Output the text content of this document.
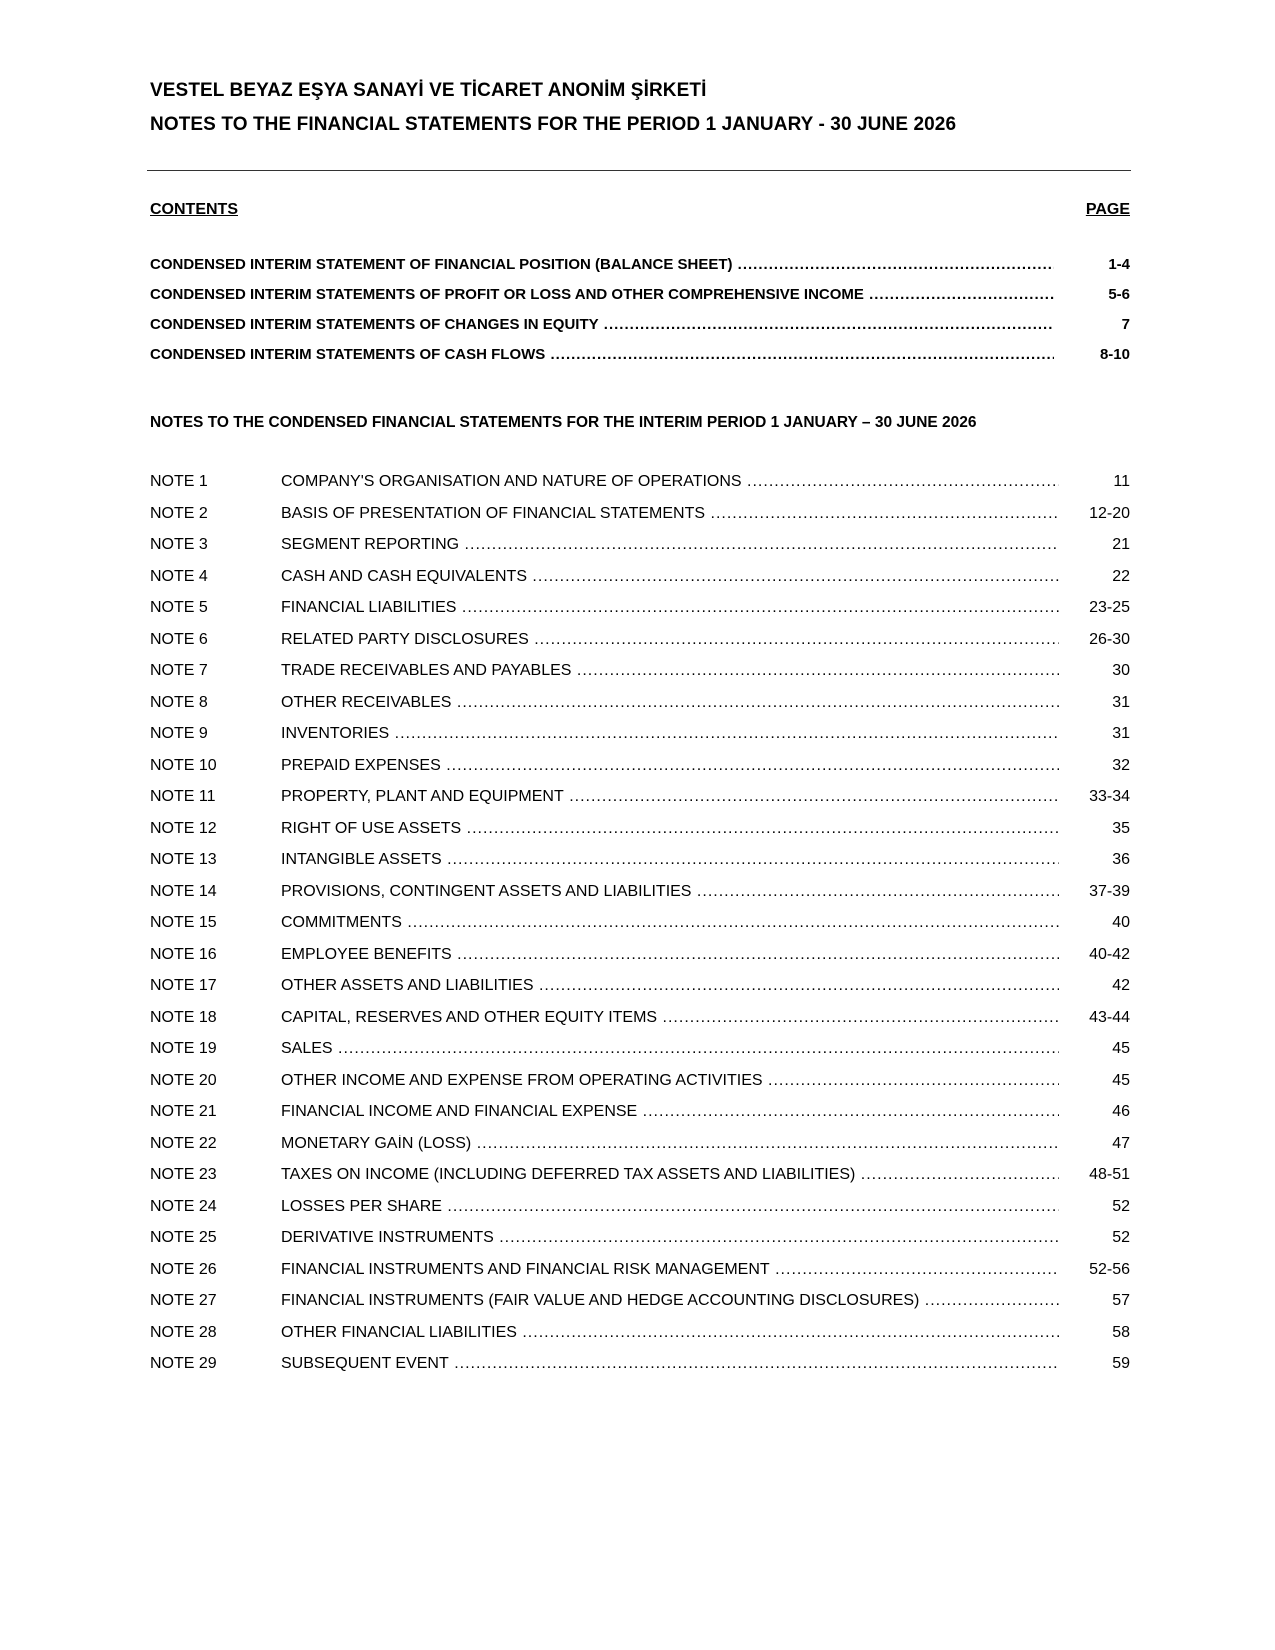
VESTEL BEYAZ EŞYA SANAYİ VE TİCARET ANONİM ŞİRKETİ
NOTES TO THE FINANCIAL STATEMENTS FOR THE PERIOD 1 JANUARY - 30 JUNE 2026
CONTENTS	PAGE
CONDENSED INTERIM STATEMENT OF FINANCIAL POSITION (BALANCE SHEET) .....	1-4
CONDENSED INTERIM STATEMENTS OF PROFIT OR LOSS AND OTHER COMPREHENSIVE INCOME .....	5-6
CONDENSED INTERIM STATEMENTS OF CHANGES IN EQUITY .....	7
CONDENSED INTERIM STATEMENTS OF CASH FLOWS .....	8-10
NOTES TO THE CONDENSED FINANCIAL STATEMENTS FOR THE INTERIM PERIOD 1 JANUARY – 30 JUNE 2026
NOTE 1	COMPANY'S ORGANISATION AND NATURE OF OPERATIONS .....	11
NOTE 2	BASIS OF PRESENTATION OF FINANCIAL STATEMENTS .....	12-20
NOTE 3	SEGMENT REPORTING .....	21
NOTE 4	CASH AND CASH EQUIVALENTS .....	22
NOTE 5	FINANCIAL LIABILITIES .....	23-25
NOTE 6	RELATED PARTY DISCLOSURES .....	26-30
NOTE 7	TRADE RECEIVABLES AND PAYABLES .....	30
NOTE 8	OTHER RECEIVABLES .....	31
NOTE 9	INVENTORIES .....	31
NOTE 10	PREPAID EXPENSES .....	32
NOTE 11	PROPERTY, PLANT AND EQUIPMENT .....	33-34
NOTE 12	RIGHT OF USE ASSETS .....	35
NOTE 13	INTANGIBLE ASSETS .....	36
NOTE 14	PROVISIONS, CONTINGENT ASSETS AND LIABILITIES .....	37-39
NOTE 15	COMMITMENTS .....	40
NOTE 16	EMPLOYEE BENEFITS .....	40-42
NOTE 17	OTHER ASSETS AND LIABILITIES .....	42
NOTE 18	CAPITAL, RESERVES AND OTHER EQUITY ITEMS .....	43-44
NOTE 19	SALES .....	45
NOTE 20	OTHER INCOME AND EXPENSE FROM OPERATING ACTIVITIES .....	45
NOTE 21	FINANCIAL INCOME AND FINANCIAL EXPENSE .....	46
NOTE 22	MONETARY GAİN (LOSS) .....	47
NOTE 23	TAXES ON INCOME (INCLUDING DEFERRED TAX ASSETS AND LIABILITIES) .....	48-51
NOTE 24	LOSSES PER SHARE .....	52
NOTE 25	DERIVATIVE INSTRUMENTS .....	52
NOTE 26	FINANCIAL INSTRUMENTS AND FINANCIAL RISK MANAGEMENT .....	52-56
NOTE 27	FINANCIAL INSTRUMENTS (FAIR VALUE AND HEDGE ACCOUNTING DISCLOSURES) .....	57
NOTE 28	OTHER FINANCIAL LIABILITIES .....	58
NOTE 29	SUBSEQUENT EVENT .....	59
